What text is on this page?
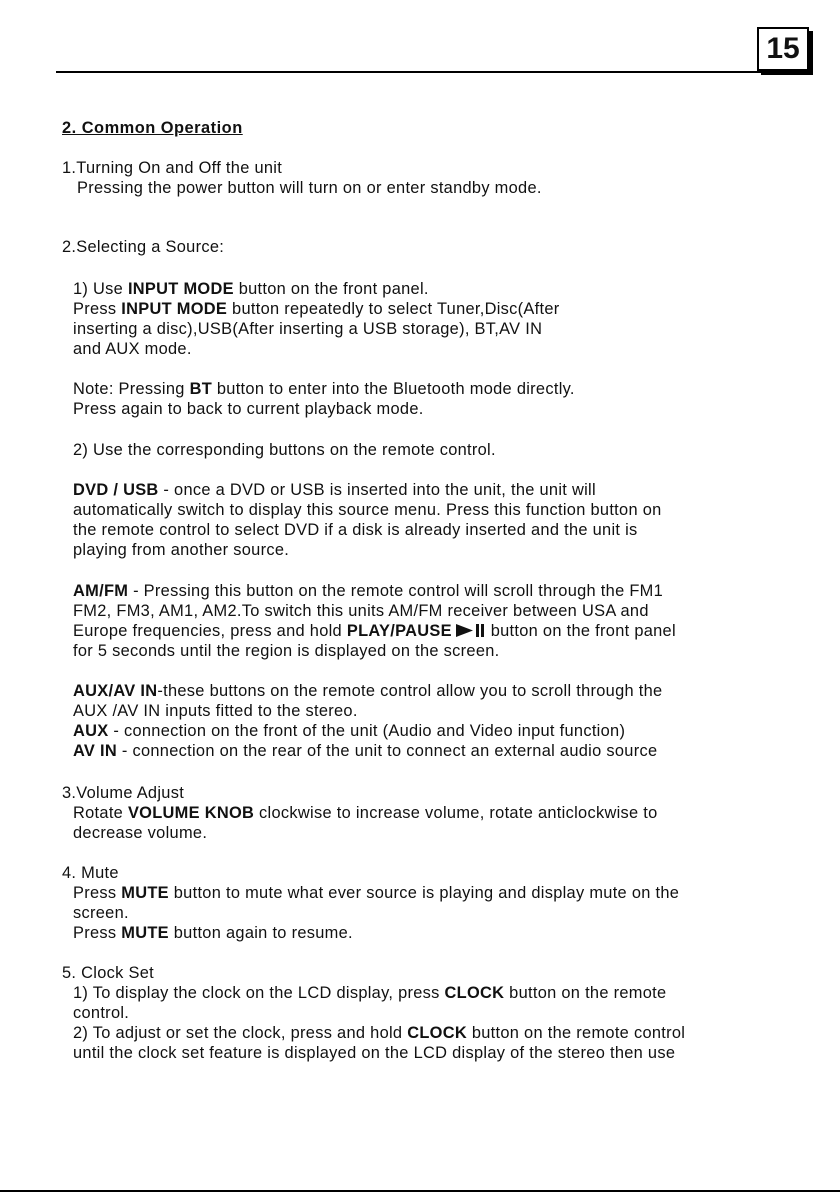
15

2. Common Operation

1.Turning On and Off the unit

Pressing the power button will turn on or enter standby mode.

2.Selecting a Source:

1) Use INPUT MODE button on the front panel.

Press INPUT MODE button repeatedly to select Tuner,Disc(After

inserting a disc),USB(After inserting a USB storage), BT,AV IN

and AUX mode.

Note: Pressing BT button to enter into the Bluetooth mode directly.

Press again to back to current playback mode.

2) Use the corresponding buttons on the remote control.

DVD / USB - once a DVD or USB is inserted into the unit, the unit will

automatically switch to display this source menu. Press this function button on

the remote control to select DVD if a disk is already inserted and the unit is

playing from another source.

AM/FM - Pressing this button on the remote control will scroll through the FM1

FM2, FM3, AM1, AM2.To switch this units AM/FM receiver between USA and

Europe frequencies, press and hold PLAY/PAUSE button on the front panel

for 5 seconds until the region is displayed on the screen.

AUX/AV IN-these buttons on the remote control allow you to scroll through the

AUX /AV IN inputs fitted to the stereo.

AUX - connection on the front of the unit (Audio and Video input function)

AV IN - connection on the rear of the unit to connect an external audio source

3.Volume Adjust

Rotate VOLUME KNOB clockwise to increase volume, rotate anticlockwise to

decrease volume.

4. Mute

Press MUTE button to mute what ever source is playing and display mute on the

screen.

Press MUTE button again to resume.

5. Clock Set

1) To display the clock on the LCD display, press CLOCK button on the remote

control.

2) To adjust or set the clock, press and hold CLOCK button on the remote control

until the clock set feature is displayed on the LCD display of the stereo then use
